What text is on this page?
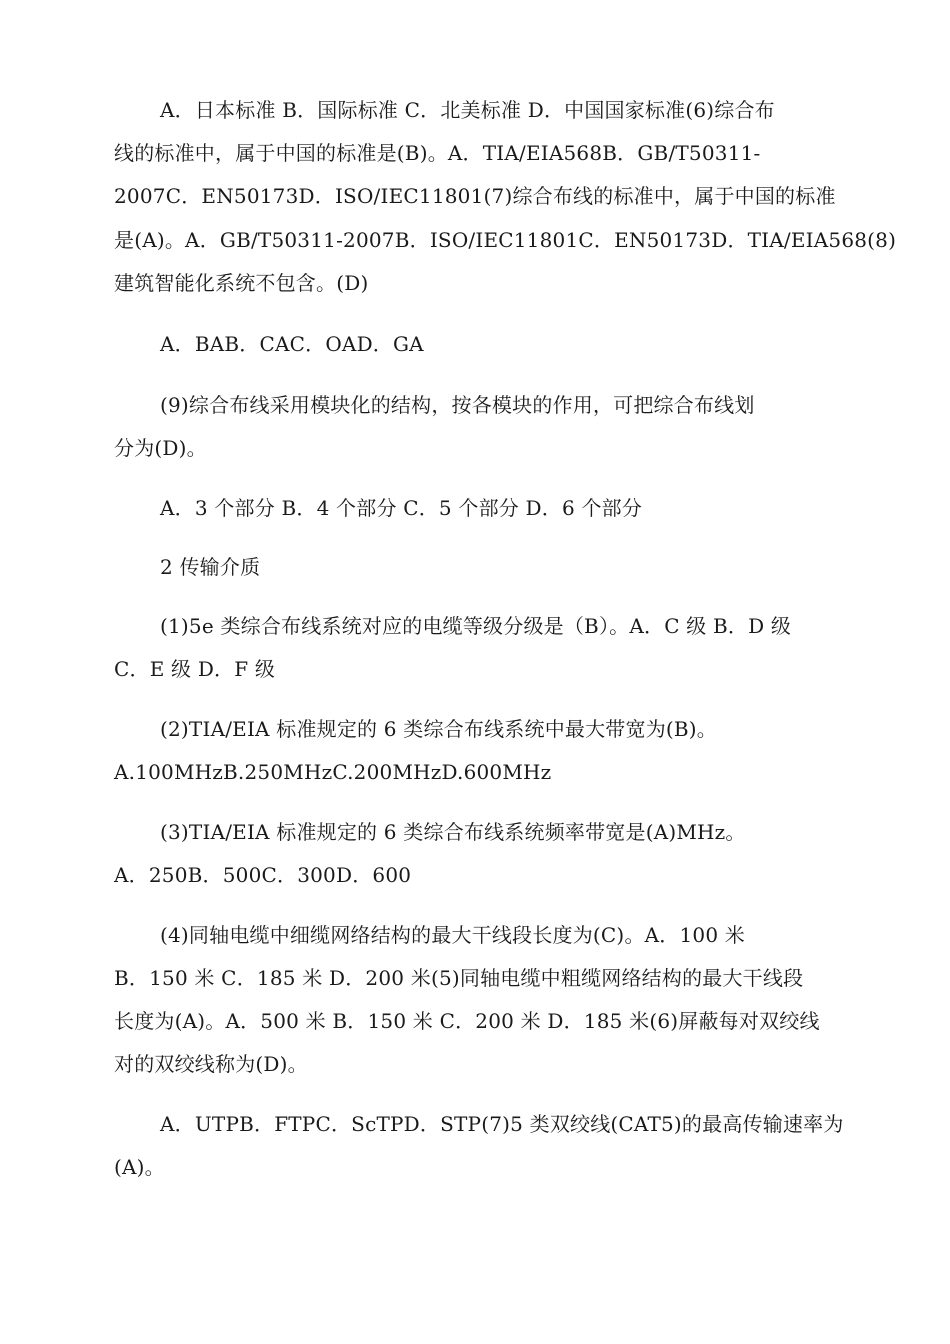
A．日本标准 B．国际标准 C．北美标准 D．中国国家标准(6)综合布
线的标准中，属于中国的标准是(B)。A．TIA/EIA568B．GB/T50311-
2007C．EN50173D．ISO/IEC11801(7)综合布线的标准中，属于中国的标准
是(A)。A．GB/T50311-2007B．ISO/IEC11801C．EN50173D．TIA/EIA568(8)
建筑智能化系统不包含。(D)
A．BAB．CAC．OAD．GA
(9)综合布线采用模块化的结构，按各模块的作用，可把综合布线划
分为(D)。
A．3 个部分 B．4 个部分 C．5 个部分 D．6 个部分
2 传输介质
(1)5e 类综合布线系统对应的电缆等级分级是（B）。A．C 级 B．D 级
C．E 级 D．F 级
(2)TIA/EIA 标准规定的 6 类综合布线系统中最大带宽为(B)。
A.100MHzB.250MHzC.200MHzD.600MHz
(3)TIA/EIA 标准规定的 6 类综合布线系统频率带宽是(A)MHz。
A．250B．500C．300D．600
(4)同轴电缆中细缆网络结构的最大干线段长度为(C)。A．100 米
B．150 米 C．185 米 D．200 米(5)同轴电缆中粗缆网络结构的最大干线段
长度为(A)。A．500 米 B．150 米 C．200 米 D．185 米(6)屏蔽每对双绞线
对的双绞线称为(D)。
A．UTPB．FTPC．ScTPD．STP(7)5 类双绞线(CAT5)的最高传输速率为
(A)。
